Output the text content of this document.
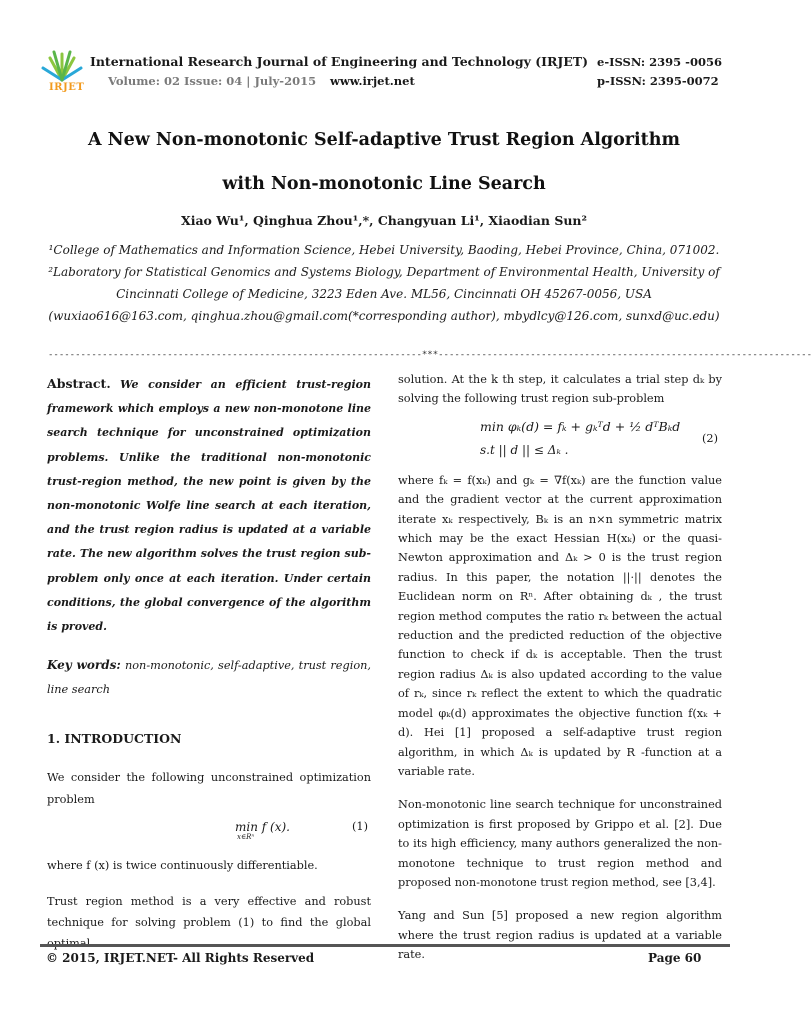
IRJET
International Research Journal of Engineering and Technology (IRJET) e-ISSN: 2395 -0056
Volume: 02 Issue: 04 | July-2015 www.irjet.net	p-ISSN: 2395-0072
A New Non-monotonic Self-adaptive Trust Region Algorithm
with Non-monotonic Line Search
Xiao Wu¹, Qinghua Zhou¹,*, Changyuan Li¹, Xiaodian Sun²
¹College of Mathematics and Information Science, Hebei University, Baoding, Hebei Province, China, 071002.
²Laboratory for Statistical Genomics and Systems Biology, Department of Environmental Health, University of
Cincinnati College of Medicine, 3223 Eden Ave. ML56, Cincinnati OH 45267-0056, USA
(wuxiao616@163.com, qinghua.zhou@gmail.com(*corresponding author), mbydlcy@126.com, sunxd@uc.edu)
---------------------------------------------------------------------***---------------------------------------------------------------------

Abstract. We consider an efficient trust-region framework which employs a new non-monotone line search technique for unconstrained optimization problems. Unlike the traditional non-monotonic trust-region method, the new point is given by the non-monotonic Wolfe line search at each iteration, and the trust region radius is updated at a variable rate. The new algorithm solves the trust region sub-problem only once at each iteration. Under certain conditions, the global convergence of the algorithm is proved.

Key words: non-monotonic, self-adaptive, trust region, line search

1. INTRODUCTION

We consider the following unconstrained optimization problem

min f (x).
x∈Rⁿ
(1)

where f (x) is twice continuously differentiable.

Trust region method is a very effective and robust technique for solving problem (1) to find the global optimal

solution. At the k th step, it calculates a trial step dₖ by solving the following trust region sub-problem

min φₖ(d) = fₖ + gₖᵀd + ½ dᵀBₖd
s.t || d || ≤ Δₖ .
(2)

where fₖ = f(xₖ) and gₖ = ∇f(xₖ) are the function value and the gradient vector at the current approximation iterate xₖ respectively, Bₖ is an n×n symmetric matrix which may be the exact Hessian H(xₖ) or the quasi-Newton approximation and Δₖ > 0 is the trust region radius. In this paper, the notation ||·|| denotes the Euclidean norm on Rⁿ. After obtaining dₖ , the trust region method computes the ratio rₖ between the actual reduction and the predicted reduction of the objective function to check if dₖ is acceptable. Then the trust region radius Δₖ is also updated according to the value of rₖ, since rₖ reflect the extent to which the quadratic model φₖ(d) approximates the objective function f(xₖ + d). Hei [1] proposed a self-adaptive trust region algorithm, in which Δₖ is updated by R -function at a variable rate.

Non-monotonic line search technique for unconstrained optimization is first proposed by Grippo et al. [2]. Due to its high efficiency, many authors generalized the non-monotone technique to trust region method and proposed non-monotone trust region method, see [3,4].

Yang and Sun [5] proposed a new region algorithm where the trust region radius is updated at a variable rate.

© 2015, IRJET.NET- All Rights Reserved	Page 60
